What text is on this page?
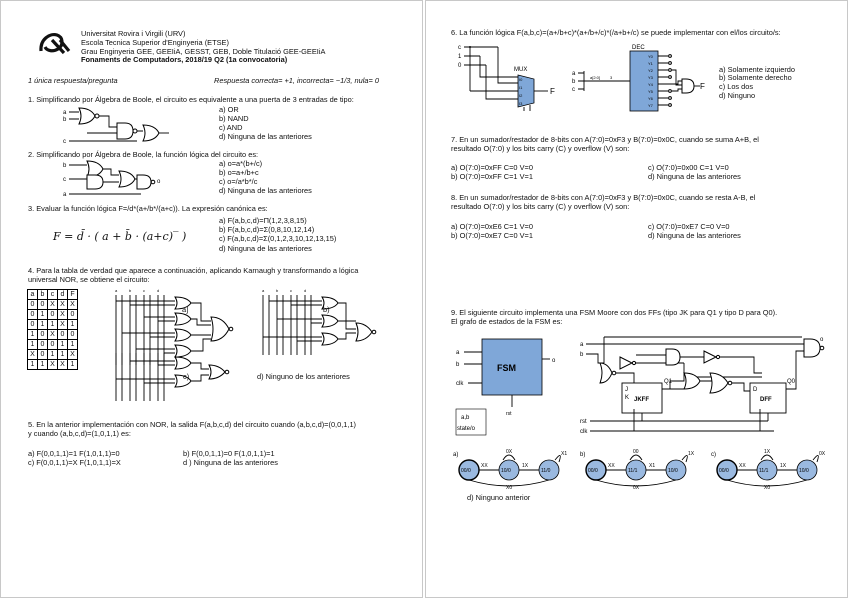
Universitat Rovira i Virgili (URV)
Escola Tecnica Superior d'Enginyeria (ETSE)
Grau Enginyeria GEE, GEEIiA, GESST, GEB, Doble Titulació GEE-GEEIiA
Fonaments de Computadors, 2018/19 Q2 (1a convocatoria)
1 única respuesta/pregunta	Respuesta correcta= +1, incorrecta= −1/3, nula= 0
1. Simplificando por Álgebra de Boole, el circuito es equivalente a una puerta de 3 entradas de tipo:
a
b
c
a) OR
b) NAND
c) AND
d) Ninguna de las anteriores
2. Simplificando por Álgebra de Boole, la función lógica del circuito es:
b
c
a
o
a) o=a*(b+/c)
b) o=a+/b+c
c) o=/a*b*/c
d) Ninguna de las anteriores
3. Evaluar la función lógica F=/d*(a+/b*/(a+c)). La expresión canónica es:
F = d̄ · ( a + b̄ · (a+c)‾ )
a) F(a,b,c,d)=Π(1,2,3,8,15)
b) F(a,b,c,d)=Σ(0,8,10,12,14)
c) F(a,b,c,d)=Σ(0,1,2,3,10,12,13,15)
d) Ninguna de las anteriores
4. Para la tabla de verdad que aparece a continuación, aplicando Karnaugh y transformando a lógica
universal NOR, se obtiene el circuito:
a	b	c	d	F
0	0	X	X	X
0	1	0	X	0
0	1	1	X	1
1	0	X	0	0
1	0	0	1	1
X	0	1	1	X
1	1	X	X	1
a	b	c	d
a]
a	b	c	d
b)
c)	d) Ninguno de los anteriores
5. En la anterior implementación con NOR, la salida F(a,b,c,d) del circuito cuando (a,b,c,d)=(0,0,1,1)
y cuando (a,b,c,d)=(1,0,1,1) es:
a) F(0,0,1,1)=1 F(1,0,1,1)=0	b) F(0,0,1,1)=0 F(1,0,1,1)=1
c) F(0,0,1,1)=X F(1,0,1,1)=X	d ) Ninguna de las anteriores
6. La función lógica F(a,b,c)=(a+/b+c)*(a+/b+/c)*(/a+b+/c) se puede implementar con el/los circuito/s:
c
1
0
MUX
I0
I1
I2
I3
F
a
b
c
a[2:0] 3
DEC
Y0
Y1
Y2
Y3
Y4
Y5
Y6
Y7
F
a) Solamente izquierdo
b) Solamente derecho
c) Los dos
d) Ninguno
7. En un sumador/restador de 8-bits con A(7:0)=0xF3 y B(7:0)=0x0C, cuando se suma A+B, el
resultado O(7:0) y los bits carry (C) y overflow (V) son:
a) O(7:0)=0xFF C=0 V=0
b) O(7:0)=0xFF C=1 V=1
c) O(7:0)=0x00 C=1 V=0
d) Ninguna de las anteriores
8. En un sumador/restador de 8-bits con A(7:0)=0xF3 y B(7:0)=0x0C, cuando se resta A-B, el
resultado O(7:0) y los bits carry (C) y overflow (V) son:
a) O(7:0)=0xE6 C=1 V=0
b) O(7:0)=0xE7 C=0 V=1
c) O(7:0)=0xE7 C=0 V=0
d) Ninguna de las anteriores
9. El siguiente circuito implementa una FSM Moore con dos FFs (tipo JK para Q1 y tipo D para Q0).
El grafo de estados de la FSM es:
a
b
clk
FSM
o
rst
a,b
state/o
a
b
J
K JKFF
Q1
D
DFF
Q0
o
rst
clk
a)
00/0	10/0	11/0
XX
0X
1X
X1
X0
b)
00/0	11/1	10/0
XX
00
X1
1X
0X
c)
00/0	11/1	10/0
XX
1X
1X
0X
X0
d) Ninguno anterior
